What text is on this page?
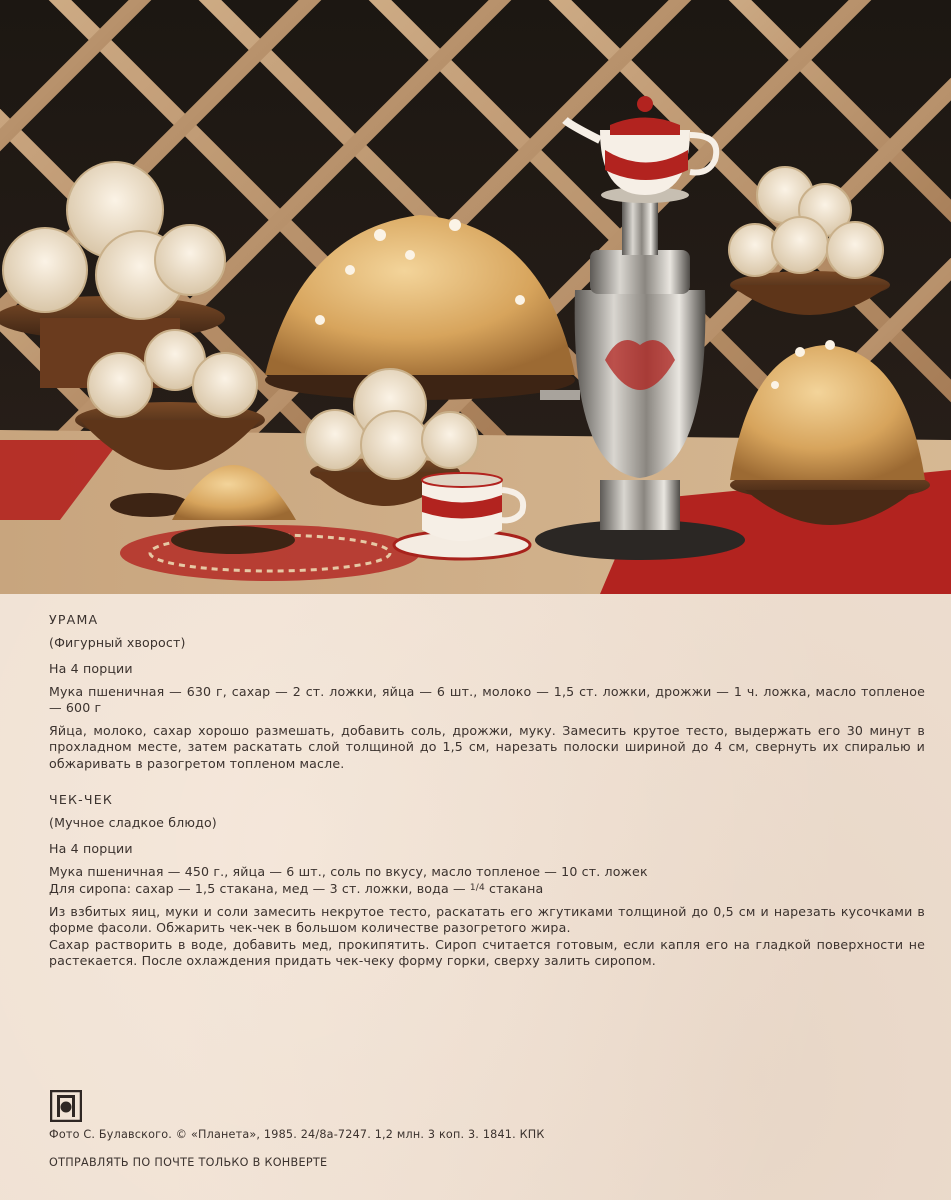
УРАМА

(Фигурный хворост)

На 4 порции

Мука пшеничная — 630 г, сахар — 2 ст. ложки, яйца — 6 шт., молоко — 1,5 ст. ложки, дрожжи — 1 ч. ложка, масло топленое — 600 г

Яйца, молоко, сахар хорошо размешать, добавить соль, дрожжи, муку. Замесить крутое тесто, выдержать его 30 минут в прохладном месте, затем раскатать слой толщиной до 1,5 см, нарезать полоски шириной до 4 см, свернуть их спиралью и обжаривать в разогретом топленом масле.

ЧЕК-ЧЕК

(Мучное сладкое блюдо)

На 4 порции

Мука пшеничная — 450 г., яйца — 6 шт., соль по вкусу, масло топленое — 10 ст. ложек

Для сиропа: сахар — 1,5 стакана, мед — 3 ст. ложки, вода — $^{1/4}$ стакана

Из взбитых яиц, муки и соли замесить некрутое тесто, раскатать его жгутиками толщиной до 0,5 см и нарезать кусочками в форме фасоли. Обжарить чек-чек в большом количестве разогретого жира.

Сахар растворить в воде, добавить мед, прокипятить. Сироп считается готовым, если капля его на гладкой поверхности не растекается. После охлаждения придать чек-чеку форму горки, сверху залить сиропом.

Фото С. Булавского. © «Планета», 1985. 24/8а-7247. 1,2 млн. 3 коп. 3. 1841. КПК
ОТПРАВЛЯТЬ ПО ПОЧТЕ ТОЛЬКО В КОНВЕРТЕ
